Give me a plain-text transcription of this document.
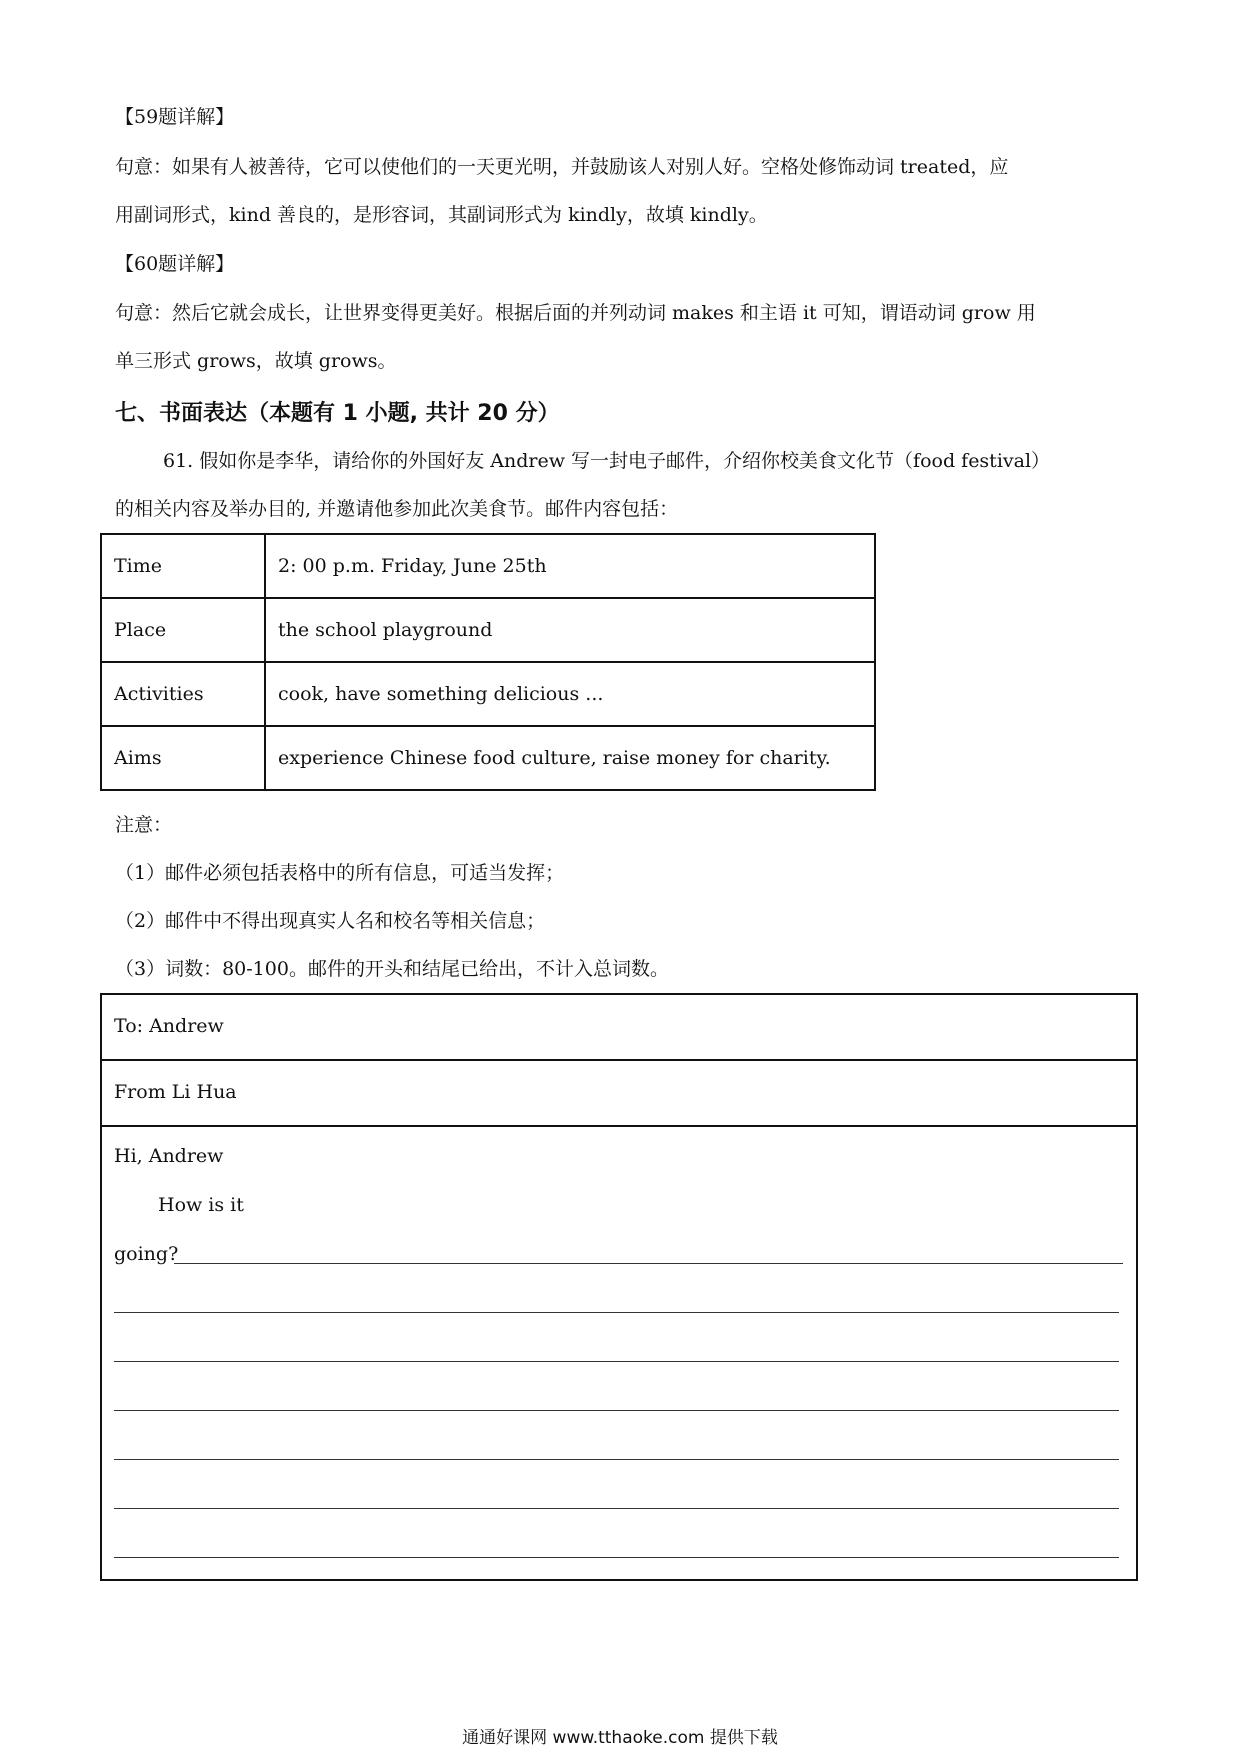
【59题详解】
句意：如果有人被善待，它可以使他们的一天更光明，并鼓励该人对别人好。空格处修饰动词 treated，应
用副词形式，kind 善良的，是形容词，其副词形式为 kindly，故填 kindly。
【60题详解】
句意：然后它就会成长，让世界变得更美好。根据后面的并列动词 makes 和主语 it 可知，谓语动词 grow 用
单三形式 grows，故填 grows。
七、书面表达（本题有 1 小题, 共计 20 分）
61. 假如你是李华，请给你的外国好友 Andrew 写一封电子邮件，介绍你校美食文化节（food festival）
的相关内容及举办目的, 并邀请他参加此次美食节。邮件内容包括：
Time	2: 00 p.m. Friday, June 25th
Place	the school playground
Activities	cook, have something delicious ...
Aims	experience Chinese food culture, raise money for charity.
注意：
（1）邮件必须包括表格中的所有信息，可适当发挥；
（2）邮件中不得出现真实人名和校名等相关信息；
（3）词数：80-100。邮件的开头和结尾已给出，不计入总词数。
To: Andrew
From Li Hua
Hi, Andrew
How is it
going?
通通好课网 www.tthaoke.com 提供下载
